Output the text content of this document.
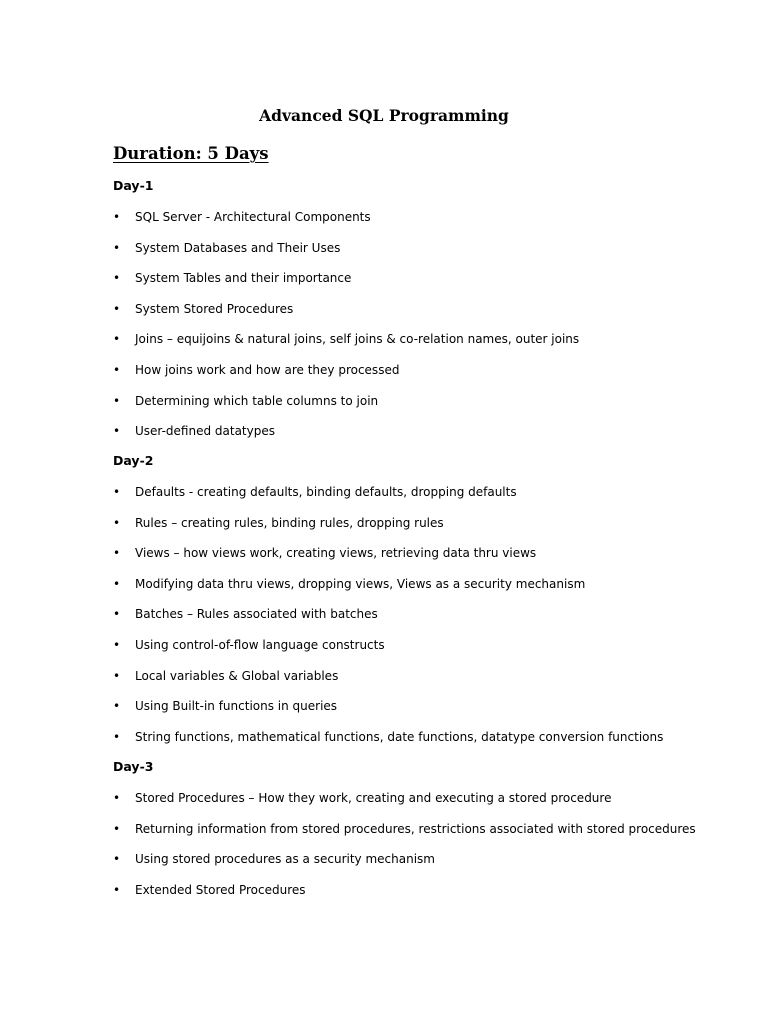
Advanced SQL Programming
Duration: 5 Days
Day-1
• SQL Server - Architectural Components
• System Databases and Their Uses
• System Tables and their importance
• System Stored Procedures
• Joins – equijoins & natural joins, self joins & co-relation names, outer joins
• How joins work and how are they processed
• Determining which table columns to join
• User-defined datatypes
Day-2
• Defaults - creating defaults, binding defaults, dropping defaults
• Rules – creating rules, binding rules, dropping rules
• Views – how views work, creating views, retrieving data thru views
• Modifying data thru views, dropping views, Views as a security mechanism
• Batches – Rules associated with batches
• Using control-of-flow language constructs
• Local variables & Global variables
• Using Built-in functions in queries
• String functions, mathematical functions, date functions, datatype conversion functions
Day-3
• Stored Procedures – How they work, creating and executing a stored procedure
• Returning information from stored procedures, restrictions associated with stored procedures
• Using stored procedures as a security mechanism
• Extended Stored Procedures
